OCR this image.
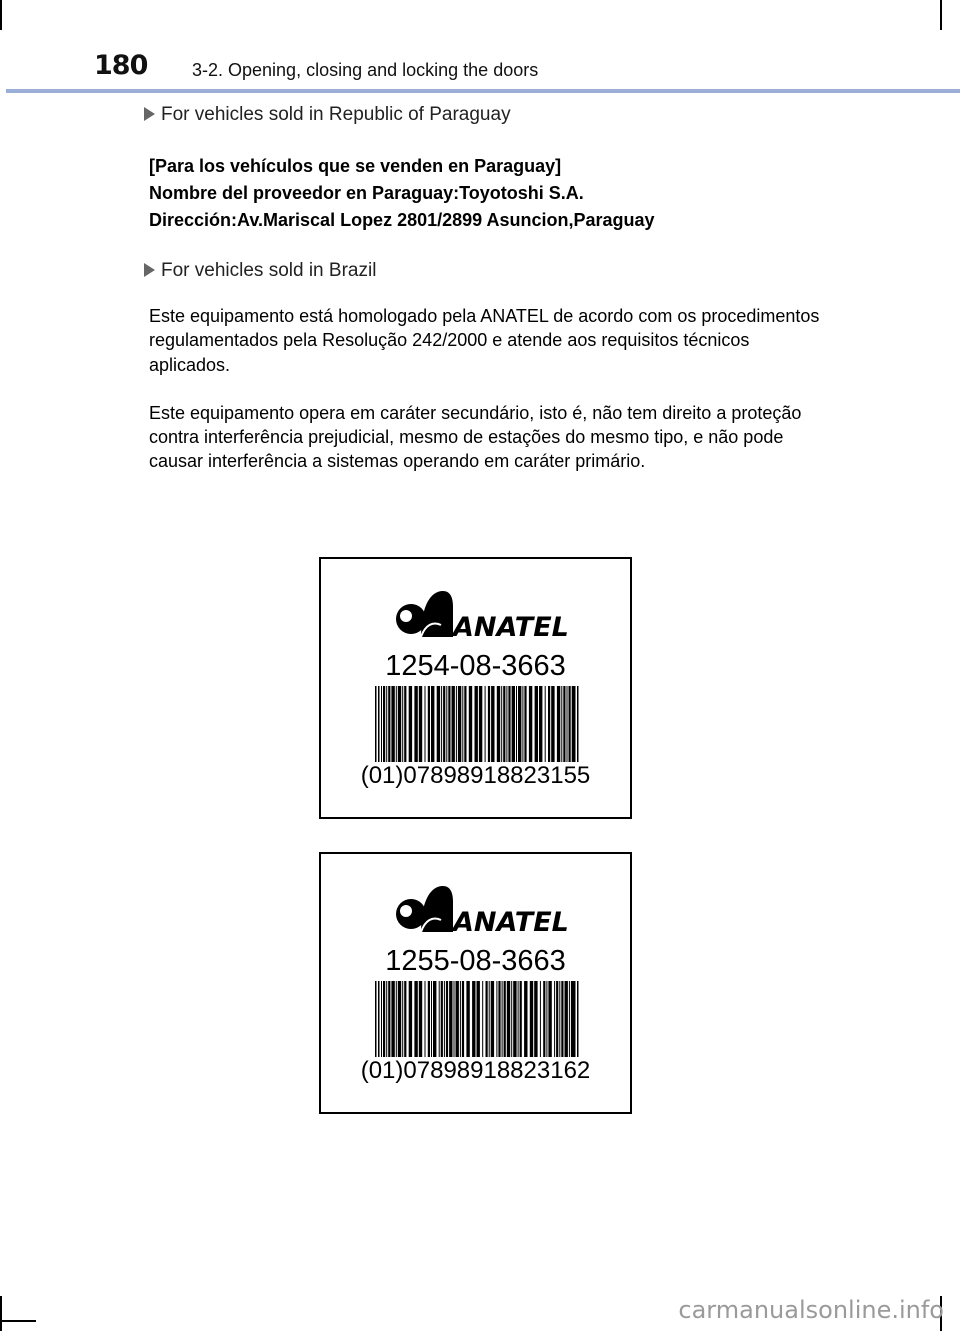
180 3-2. Opening, closing and locking the doors
For vehicles sold in Republic of Paraguay
[Para los vehículos que se venden en Paraguay]
Nombre del proveedor en Paraguay:Toyotoshi S.A.
Dirección:Av.Mariscal Lopez 2801/2899 Asuncion,Paraguay
For vehicles sold in Brazil

Este equipamento está homologado pela ANATEL de acordo com os procedimentos regulamentados pela Resolução 242/2000 e atende aos requisitos técnicos aplicados.

Este equipamento opera em caráter secundário, isto é, não tem direito a proteção contra interferência prejudicial, mesmo de estações do mesmo tipo, e não pode causar interferência a sistemas operando em caráter primário.

ANATEL
1254-08-3663
(01)07898918823155
ANATEL
1255-08-3663
(01)07898918823162
carmanualsonline.info
